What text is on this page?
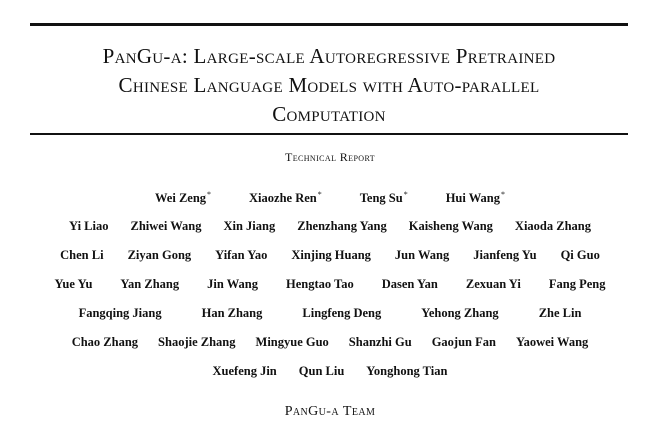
PanGu-α: Large-scale Autoregressive Pretrained
Chinese Language Models with Auto-parallel
Computation
Technical Report
Wei Zeng*	Xiaozhe Ren*	Teng Su*	Hui Wang*
Yi Liao Zhiwei Wang Xin Jiang Zhenzhang Yang Kaisheng Wang Xiaoda Zhang
Chen Li Ziyan Gong Yifan Yao Xinjing Huang Jun Wang Jianfeng Yu Qi Guo
Yue Yu Yan Zhang Jin Wang Hengtao Tao Dasen Yan Zexuan Yi Fang Peng
Fangqing Jiang	Han Zhang	Lingfeng Deng	Yehong Zhang	Zhe Lin
Chao Zhang Shaojie Zhang Mingyue Guo Shanzhi Gu Gaojun Fan Yaowei Wang
Xuefeng Jin Qun Liu Yonghong Tian
PanGu-α Team
